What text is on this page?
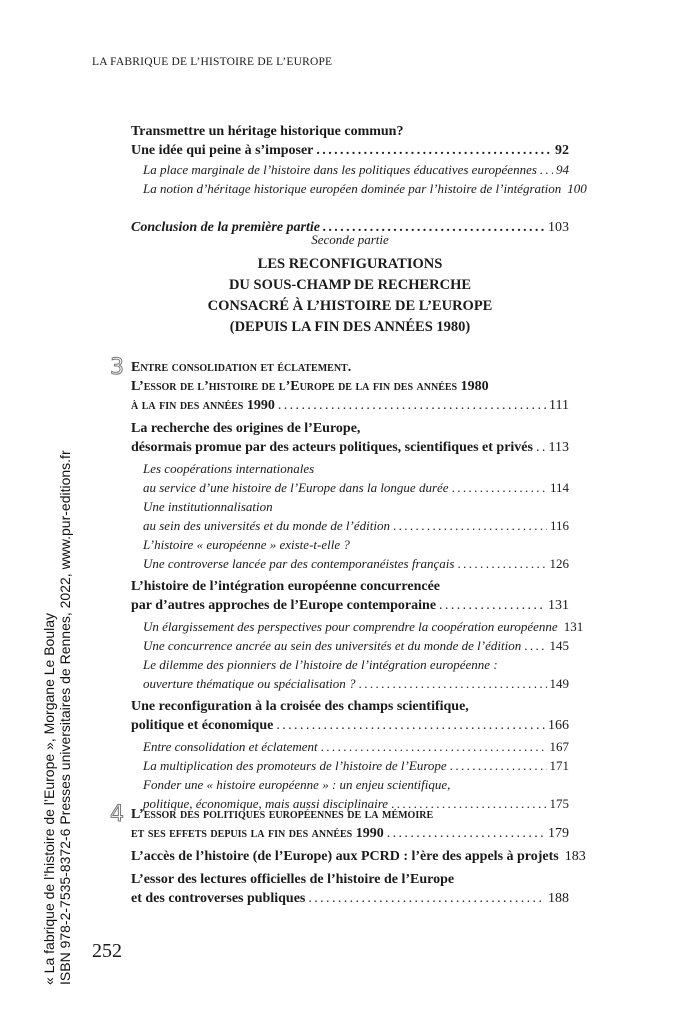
LA FABRIQUE DE L’HISTOIRE DE L’EUROPE
Transmettre un héritage historique commun?
Une idée qui peine à s’imposer .....	92
La place marginale de l’histoire dans les politiques éducatives européennes ..... 94
La notion d’héritage historique européen dominée par l’histoire de l’intégration 100
Conclusion de la première partie .....	103
Seconde partie
LES RECONFIGURATIONS
DU SOUS-CHAMP DE RECHERCHE
CONSACRÉ À L’HISTOIRE DE L’EUROPE
(DEPUIS LA FIN DES ANNÉES 1980)
3 Entre consolidation et éclatement.
L’essor de l’histoire de l’Europe de la fin des années 1980
à la fin des années 1990 .....	111
La recherche des origines de l’Europe,
désormais promue par des acteurs politiques, scientifiques et privés ..... 113
Les coopérations internationales
au service d’une histoire de l’Europe dans la longue durée .....	114
Une institutionnalisation
au sein des universités et du monde de l’édition .....	116
L’histoire « européenne » existe-t-elle ?
Une controverse lancée par des contemporanéistes français .....	126
L’histoire de l’intégration européenne concurrencée
par d’autres approches de l’Europe contemporaine .....	131
Un élargissement des perspectives pour comprendre la coopération européenne 131
Une concurrence ancrée au sein des universités et du monde de l’édition ..... 145
Le dilemme des pionniers de l’histoire de l’intégration européenne :
ouverture thématique ou spécialisation ? .....	149
Une reconfiguration à la croisée des champs scientifique,
politique et économique .....	166
Entre consolidation et éclatement .....	167
La multiplication des promoteurs de l’histoire de l’Europe .....	171
Fonder une « histoire européenne » : un enjeu scientifique,
politique, économique, mais aussi disciplinaire .....	175
4 L’essor des politiques européennes de la mémoire
et ses effets depuis la fin des années 1990 .....	179
L’accès de l’histoire (de l’Europe) aux PCRD : l’ère des appels à projets 183
L’essor des lectures officielles de l’histoire de l’Europe
et des controverses publiques .....	188
« La fabrique de l’histoire de l’Europe », Morgane Le Boulay ISBN 978-2-7535-8372-6 Presses universitaires de Rennes, 2022, www.pur-editions.fr 252
